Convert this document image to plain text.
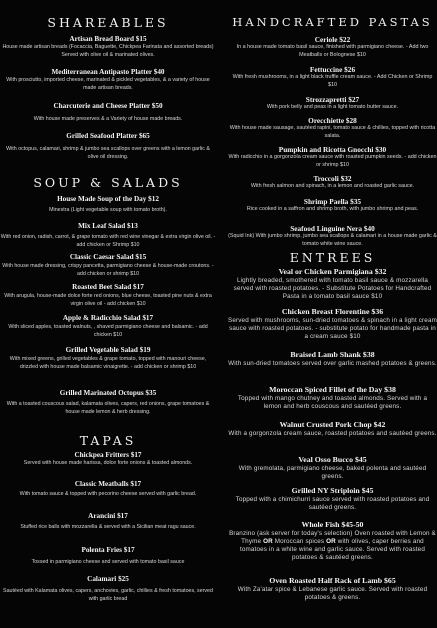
SHAREABLES

Artisan Bread Board $15

House made artisan breads (Focaccia, Baguette, Chickpea Farinata and assorted breads) Served with olive oil & marinated olives.

Mediterranean Antipasto Platter $40

With prosciutto, imported cheese, marinated & pickled vegetables, & a variety of house made artisan breads.

Charcuterie and Cheese Platter $50

With house made preserves & a Variety of house made breads.

Grilled Seafood Platter $65

With octopus, calamari, shrimp & jumbo sea scallops over greens with a lemon garlic & olive oil dressing.

SOUP & SALADS

House Made Soup of the Day $12

Minestra (Light vegetable soup with tomato broth).

Mix Leaf Salad $13

With red onion, radish, carrot, & grape tomato with red wine vinegar & extra virgin olive oil. - add chicken or Shrimp $10

Classic Caesar Salad $15

With house made dressing, crispy pancetta, parmigiano cheese & house-made croutons. - add chicken or shrimp $10

Roasted Beet Salad $17

With arugula, house-made dolce forte red onions, blue cheese, toasted pine nuts & extra virgin olive oil - add chicken $10

Apple & Radicchio Salad $17

With sliced apples, toasted walnuts, , shaved parmigiano cheese and balsamic. - add chicken $10

Grilled Vegetable Salad $19

With mixed greens, grilled vegetables & grape tomato, topped with manouri cheese, drizzled with house made balsamic vinaigrette. - add chicken or shrimp $10

Grilled Marinated Octopus $35

With a toasted couscous salad, kalamata olives, capers, red onions, grape tomatoes & house made lemon & herb dressing.

TAPAS

Chickpea Fritters $17

Served with house made harissa, dolce forte onions & toasted almonds.

Classic Meatballs $17

With tomato sauce & topped with pecorino cheese served with garlic bread.

Arancini $17

Stuffed rice balls with mozzarella & served with a Sicilian meat ragu sauce.

Polenta Fries $17

Tossed in parmigiano cheese and served with tomato basil sauce

Calamari $25

Sautéed with Kalamata olives, capers, anchovies, garlic, chillies & fresh tomatoes, served with garlic bread

HANDCRAFTED PASTAS

Ceriole $22

In a house made tomato basil sauce, finished with parmigiano cheese. - Add two Meatballs or Bolognese $10

Fettuccine $26

With fresh mushrooms, in a light black truffle cream sauce. - Add Chicken or Shrimp $10

Strozzapretti $27

With pork belly and peas in a light tomato butter sauce.

Orecchiette $28

With house made sausage, sautéed rapini, tomato sauce & chillies, topped with ricotta salata.

Pumpkin and Ricotta Gnocchi $30

With radicchio in a gorgonzola cream sauce with roasted pumpkin seeds. - add chicken or shrimp $10

Troccoli $32

With fresh salmon and spinach, in a lemon and roasted garlic sauce.

Shrimp Paella $35

Rice cooked in a saffron and shrimp broth, with jumbo shrimp and peas.

Seafood Linguine Nera $40

(Squid Ink) With jumbo shrimp, jumbo sea scallops & calamari in a house made garlic & tomato white wine sauce.

ENTREES

Veal or Chicken Parmigiana $32

Lightly breaded, smothered with tomato basil sauce & mozzarella served with roasted potatoes. - Substitute Potatoes for Handcrafted Pasta in a tomato basil sauce $10

Chicken Breast Florentine $36

Served with mushrooms, sun-dried tomatoes & spinach in a light cream sauce with roasted potatoes. - substitute potato for handmade pasta in a cream sauce $10

Braised Lamb Shank $38

With sun-dried tomatoes served over garlic mashed potatoes & greens.

Moroccan Spiced Fillet of the Day $38

Topped with mango chutney and toasted almonds. Served with a lemon and herb couscous and sautéed greens.

Walnut Crusted Pork Chop $42

With a gorgonzola cream sauce, roasted potatoes and sautéed greens.

Veal Osso Bucco $45

With gremolata, parmigiano cheese, baked polenta and sautéed greens.

Grilled NY Striploin $45

Topped with a chimichurri sauce served with roasted potatoes and sautéed greens.

Whole Fish $45-50

Branzino (ask server for today's selection) Oven roasted with Lemon & Thyme OR Moroccan spices OR with olives, caper berries and tomatoes in a white wine and garlic sauce. Served with roasted potatoes & sautéed greens.

Oven Roasted Half Rack of Lamb $65

With Za'atar spice & Lebanese garlic sauce. Served with roasted potatoes & greens.
